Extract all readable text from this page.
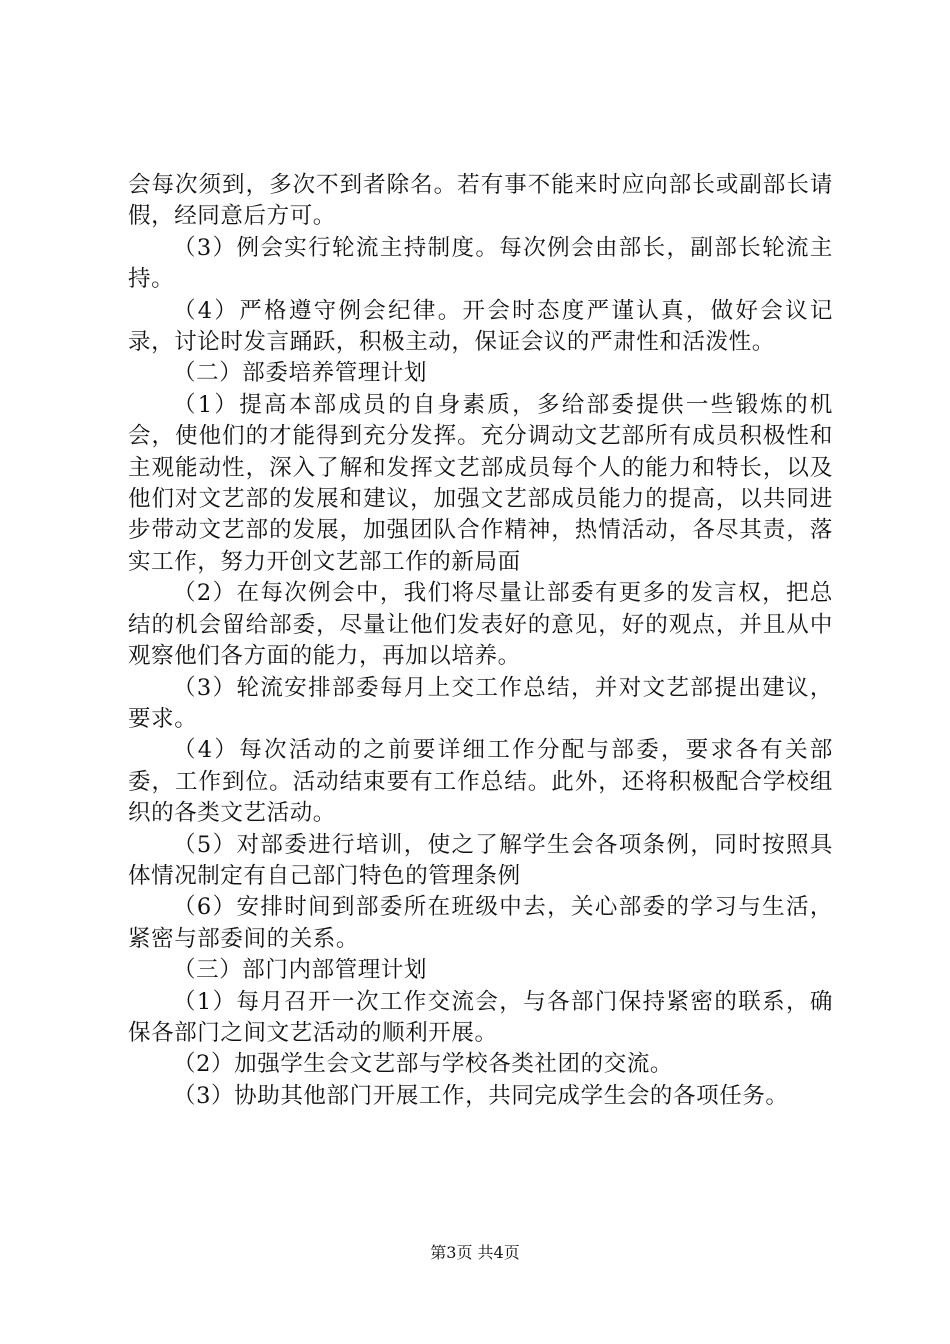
会每次须到，多次不到者除名。若有事不能来时应向部长或副部长请假，经同意后方可。

（3）例会实行轮流主持制度。每次例会由部长，副部长轮流主持。

（4）严格遵守例会纪律。开会时态度严谨认真，做好会议记录，讨论时发言踊跃，积极主动，保证会议的严肃性和活泼性。

（二）部委培养管理计划

（1）提高本部成员的自身素质，多给部委提供一些锻炼的机会，使他们的才能得到充分发挥。充分调动文艺部所有成员积极性和主观能动性，深入了解和发挥文艺部成员每个人的能力和特长，以及他们对文艺部的发展和建议，加强文艺部成员能力的提高，以共同进步带动文艺部的发展，加强团队合作精神，热情活动，各尽其责，落实工作，努力开创文艺部工作的新局面

（2）在每次例会中，我们将尽量让部委有更多的发言权，把总结的机会留给部委，尽量让他们发表好的意见，好的观点，并且从中观察他们各方面的能力，再加以培养。

（3）轮流安排部委每月上交工作总结，并对文艺部提出建议，要求。

（4）每次活动的之前要详细工作分配与部委，要求各有关部委，工作到位。活动结束要有工作总结。此外，还将积极配合学校组织的各类文艺活动。

（5）对部委进行培训，使之了解学生会各项条例，同时按照具体情况制定有自己部门特色的管理条例

（6）安排时间到部委所在班级中去，关心部委的学习与生活，紧密与部委间的关系。

（三）部门内部管理计划

（1）每月召开一次工作交流会，与各部门保持紧密的联系，确保各部门之间文艺活动的顺利开展。

（2）加强学生会文艺部与学校各类社团的交流。

（3）协助其他部门开展工作，共同完成学生会的各项任务。

第3页 共4页
